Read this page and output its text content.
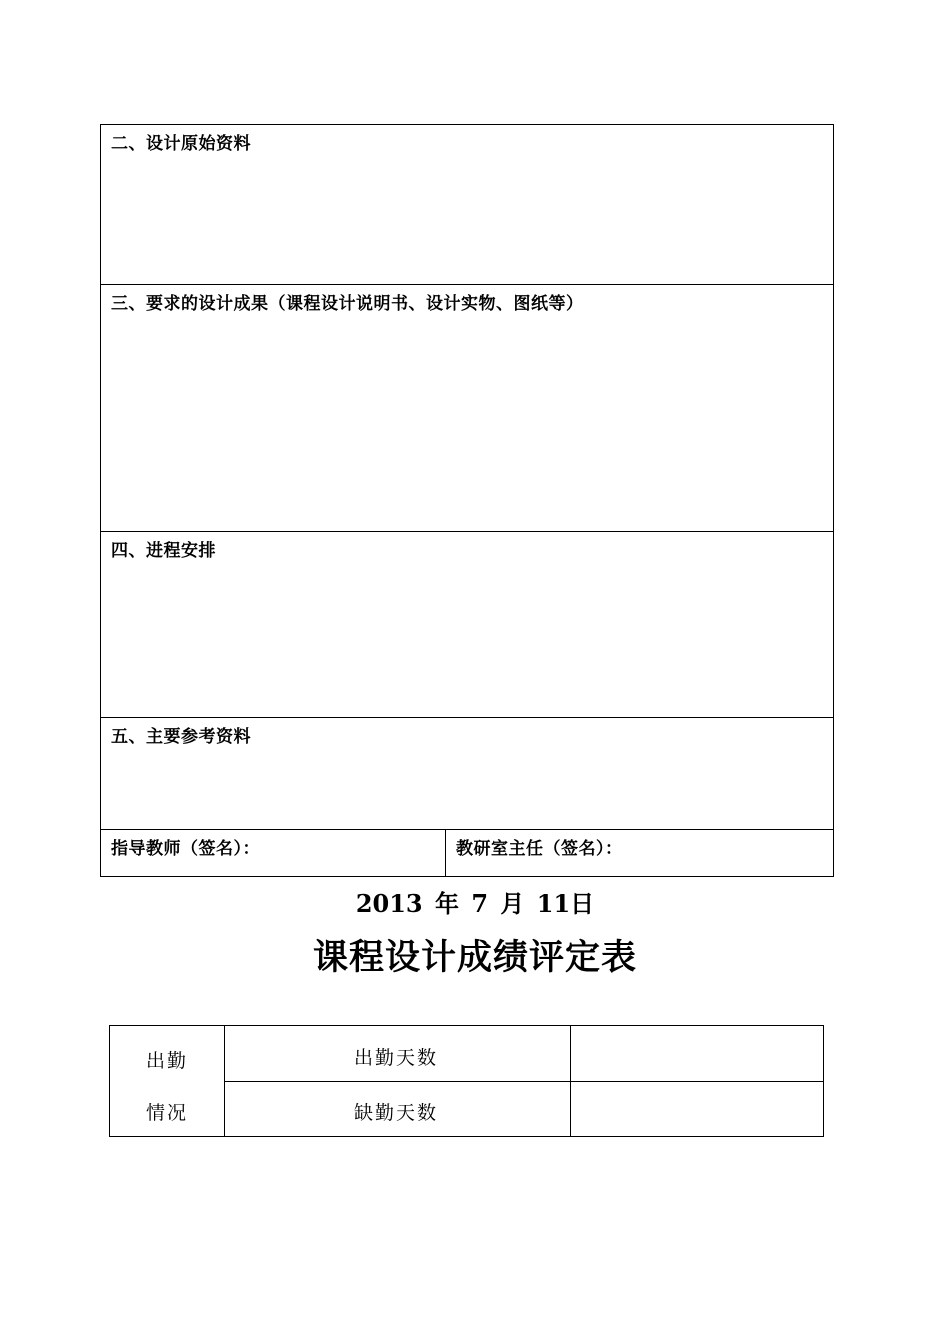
二、设计原始资料
三、要求的设计成果（课程设计说明书、设计实物、图纸等）
四、进程安排
五、主要参考资料
指导教师（签名）：	教研室主任（签名）：
2013 年 7 月 11日
课程设计成绩评定表
出勤
情况
出勤天数
缺勤天数
